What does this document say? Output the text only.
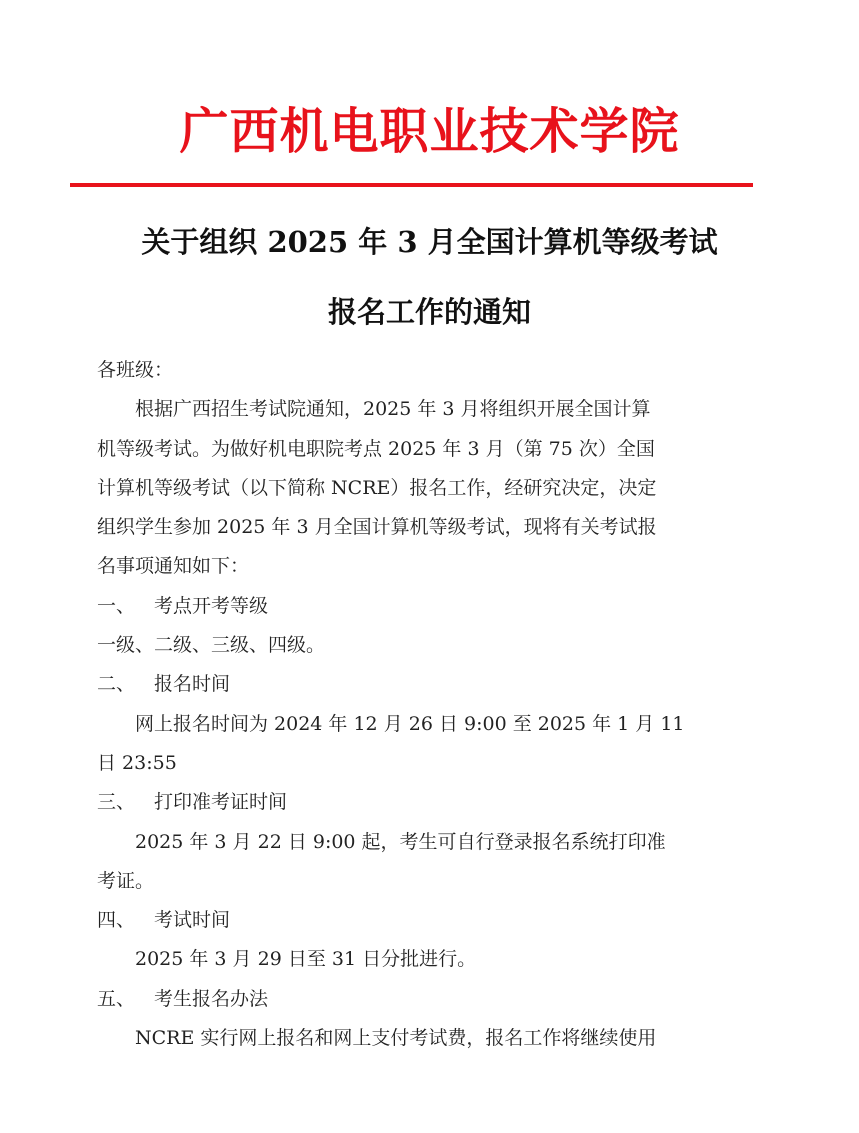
广西机电职业技术学院
关于组织 2025 年 3 月全国计算机等级考试
报名工作的通知

各班级：

根据广西招生考试院通知，2025 年 3 月将组织开展全国计算
机等级考试。为做好机电职院考点 2025 年 3 月（第 75 次）全国
计算机等级考试（以下简称 NCRE）报名工作，经研究决定，决定
组织学生参加 2025 年 3 月全国计算机等级考试，现将有关考试报
名事项通知如下：

一、 考点开考等级

一级、二级、三级、四级。

二、 报名时间

网上报名时间为 2024 年 12 月 26 日 9:00 至 2025 年 1 月 11
日 23:55

三、 打印准考证时间

2025 年 3 月 22 日 9:00 起，考生可自行登录报名系统打印准
考证。

四、 考试时间

2025 年 3 月 29 日至 31 日分批进行。

五、 考生报名办法

NCRE 实行网上报名和网上支付考试费，报名工作将继续使用
